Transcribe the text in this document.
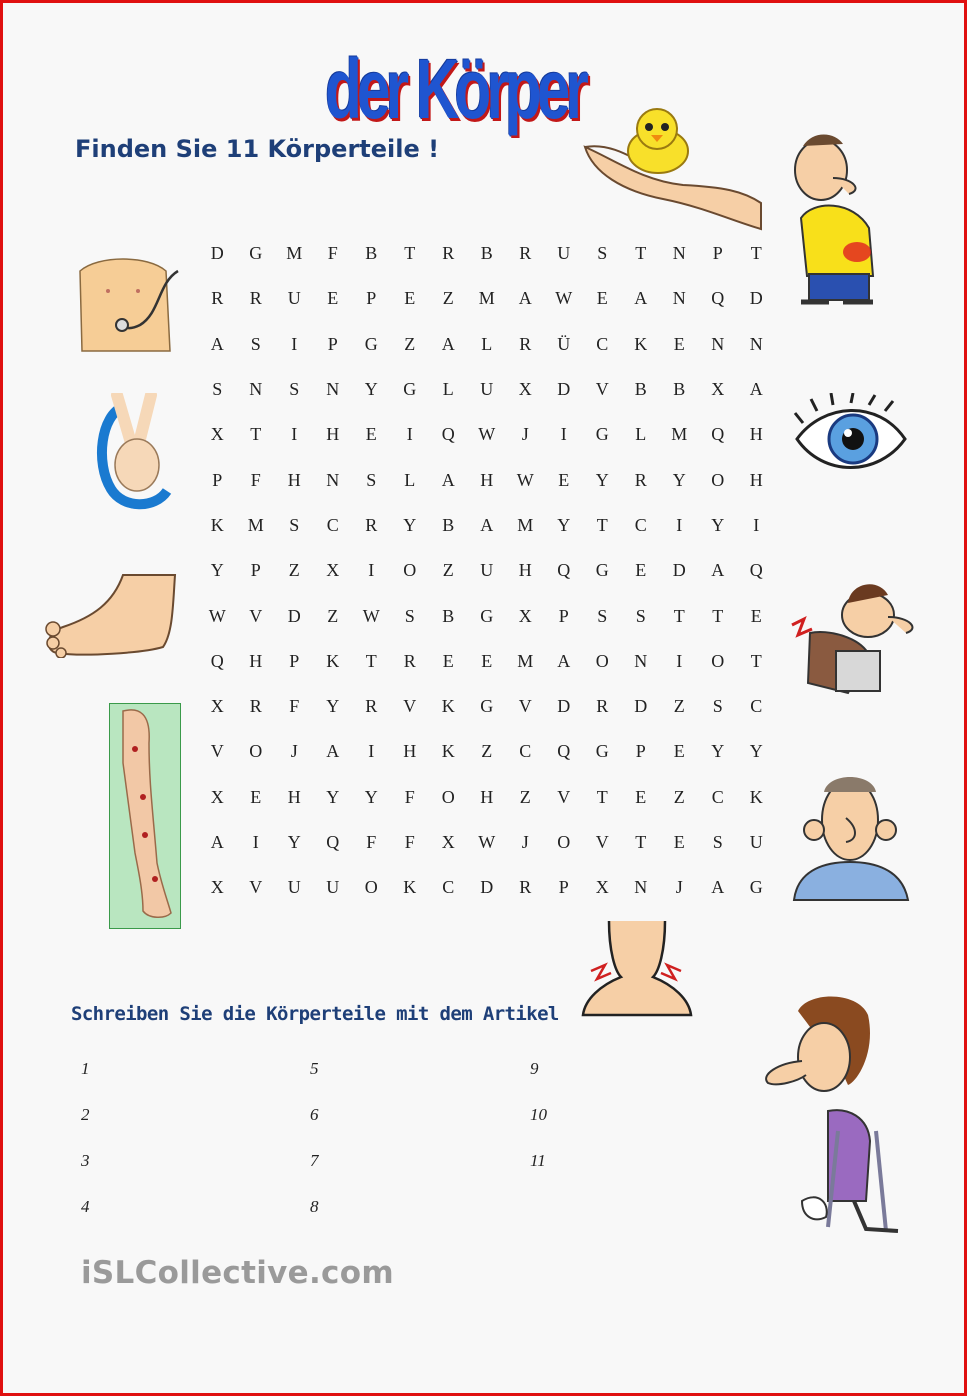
der Körper
Finden Sie 11 Körperteile !
D	G	M	F	B	T	R	B	R	U	S	T	N	P	T
R	R	U	E	P	E	Z	M	A	W	E	A	N	Q	D
A	S	I	P	G	Z	A	L	R	Ü	C	K	E	N	N
S	N	S	N	Y	G	L	U	X	D	V	B	B	X	A
X	T	I	H	E	I	Q	W	J	I	G	L	M	Q	H
P	F	H	N	S	L	A	H	W	E	Y	R	Y	O	H
K	M	S	C	R	Y	B	A	M	Y	T	C	I	Y	I
Y	P	Z	X	I	O	Z	U	H	Q	G	E	D	A	Q
W	V	D	Z	W	S	B	G	X	P	S	S	T	T	E
Q	H	P	K	T	R	E	E	M	A	O	N	I	O	T
X	R	F	Y	R	V	K	G	V	D	R	D	Z	S	C
V	O	J	A	I	H	K	Z	C	Q	G	P	E	Y	Y
X	E	H	Y	Y	F	O	H	Z	V	T	E	Z	C	K
A	I	Y	Q	F	F	X	W	J	O	V	T	E	S	U
X	V	U	U	O	K	C	D	R	P	X	N	J	A	G
Schreiben Sie die Körperteile mit dem Artikel
1
2
3
4
5
6
7
8
9
10
11
iSLCollective.com
